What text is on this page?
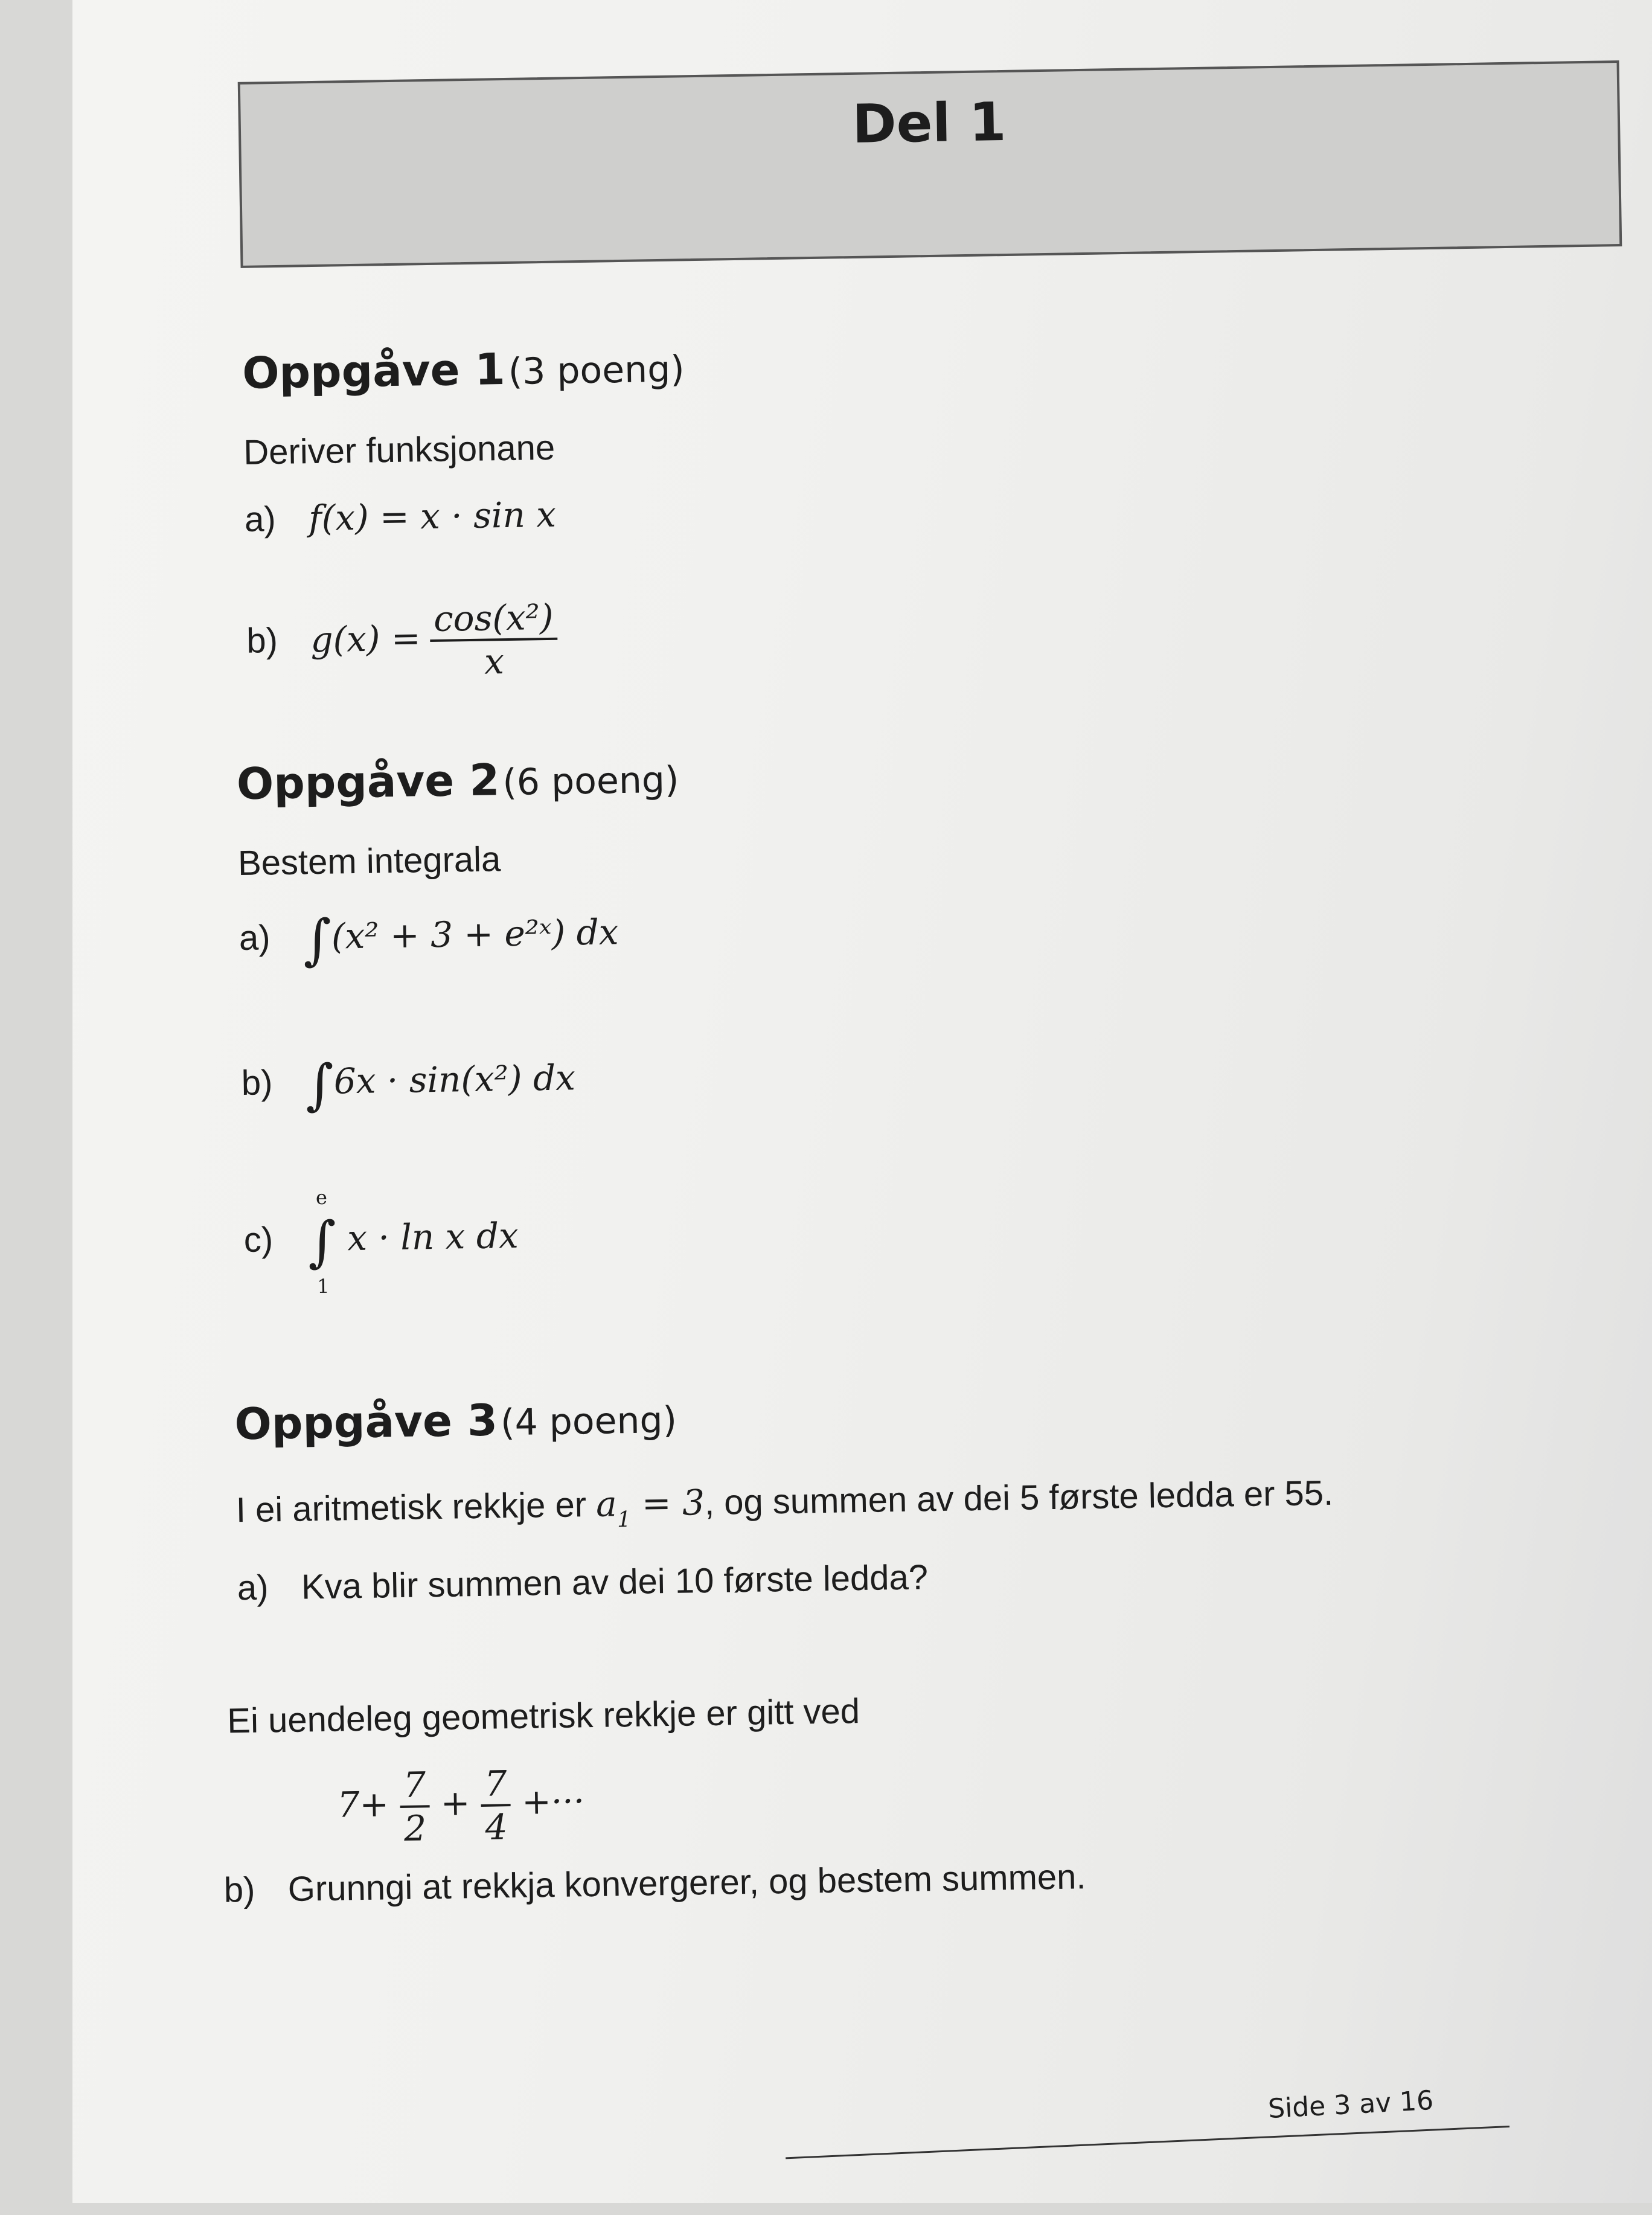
Del 1
Oppgåve 1 (3 poeng)
Deriver funksjonane
a) f(x) = x · sin x
b) $g(x) = \frac{\text{cos(x²)}}{x}$
Oppgåve 2 (6 poeng)
Bestem integrala
a) ∫(x² + 3 + e²ˣ) dx
b) ∫6x · sin(x²) dx
c)
e
∫
1
x · ln x dx
Oppgåve 3 (4 poeng)
I ei aritmetisk rekkje er $a_1 = 3$, og summen av dei 5 første ledda er 55.
a) Kva blir summen av dei 10 første ledda?
Ei uendeleg geometrisk rekkje er gitt ved
$7+ \frac{7}{2} + \frac{7}{4}$ +···
b) Grunngi at rekkja konvergerer, og bestem summen.
Side 3 av 16
